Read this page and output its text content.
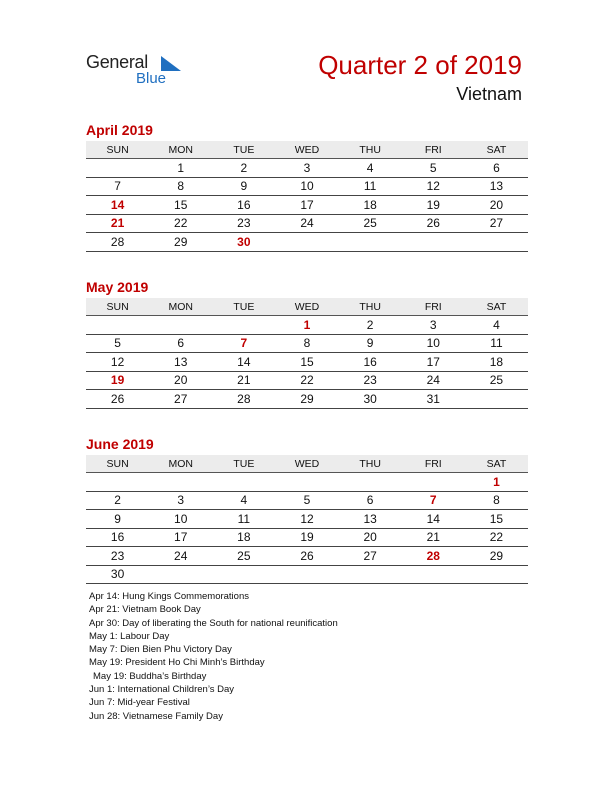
General
Blue	Quarter 2 of 2019
Vietnam
April 2019
SUN	MON	TUE	WED	THU	FRI	SAT
	1	2	3	4	5	6
7	8	9	10	11	12	13
14	15	16	17	18	19	20
21	22	23	24	25	26	27
28	29	30				
May 2019
SUN	MON	TUE	WED	THU	FRI	SAT
			1	2	3	4
5	6	7	8	9	10	11
12	13	14	15	16	17	18
19	20	21	22	23	24	25
26	27	28	29	30	31	
June 2019
SUN	MON	TUE	WED	THU	FRI	SAT
						1
2	3	4	5	6	7	8
9	10	11	12	13	14	15
16	17	18	19	20	21	22
23	24	25	26	27	28	29
30						
Apr 14: Hung Kings Commemorations
Apr 21: Vietnam Book Day
Apr 30: Day of liberating the South for national reunification
May 1: Labour Day
May 7: Dien Bien Phu Victory Day
May 19: President Ho Chi Minh’s Birthday
May 19: Buddha’s Birthday
Jun 1: International Children’s Day
Jun 7: Mid-year Festival
Jun 28: Vietnamese Family Day
